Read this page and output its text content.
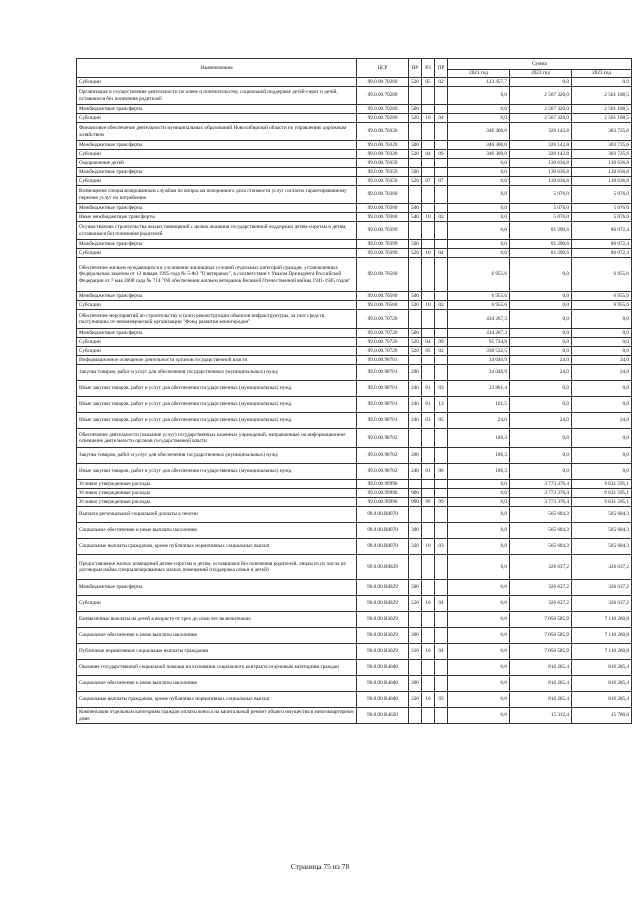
Наименование	ЦСР	ВР	РЗ	ПР	Сумма		
					2021 год	2022 год	2023 год
Субсидии	99.0.00.70260	520	05	02	123 457,7	0,0	0,0
Организация и осуществление деятельности по опеке и попечительству, социальной поддержке детей-сирот и детей, оставшихся без попечения родителей	99.0.00.70289				0,0	2 567 320,0	2 561 188,5
Межбюджетные трансферты	99.0.00.70289	500			0,0	2 567 320,0	2 561 188,5
Субсидии	99.0.00.70289	520	10	04	0,0	2 567 320,0	2 561 188,5
Финансовое обеспечение деятельности муниципальных образований Новосибирской области по управлению дорожным хозяйством	99.0.00.70320				346 300,0	326 142,8	303 725,6
Межбюджетные трансферты	99.0.00.70320	500			346 300,0	326 142,8	303 725,6
Субсидии	99.0.00.70320	520	04	09	346 300,0	326 142,8	303 725,6
Оздоровление детей	99.0.00.70359				0,0	130 636,8	130 636,8
Межбюджетные трансферты	99.0.00.70359	500			0,0	130 636,8	130 636,8
Субсидии	99.0.00.70359	520	07	07	0,0	130 636,8	130 636,8
Возмещение специализированным службам по вопросам похоронного дела стоимости услуг согласно гарантированному перечню услуг по погребению	99.0.00.70360				0,0	5 076,0	5 076,0
Межбюджетные трансферты	99.0.00.70360	500			0,0	5 076,0	5 076,0
Иные межбюджетные трансферты	99.0.00.70360	540	10	03	0,0	5 076,0	5 076,0
Осуществление строительства жилых помещений с целью оказания государственной поддержки детям-сиротам и детям, оставшимся без попечения родителей	99.0.00.70399				0,0	81 290,6	86 072,4
Межбюджетные трансферты	99.0.00.70399	500			0,0	81 290,6	86 072,4
Субсидии	99.0.00.70399	520	10	04	0,0	81 290,6	86 072,4
Обеспечение жильем нуждающихся в улучшении жилищных условий отдельных категорий граждан, установленных Федеральным законом от 12 января 1995 года № 5-ФЗ "О ветеранах", в соответствии с Указом Президента Российской Федерации от 7 мая 2008 года № 714 "Об обеспечении жильем ветеранов Великой Отечественной войны 1941-1945 годов"	99.0.00.70560				6 955,6	0,0	6 955,6
Межбюджетные трансферты	99.0.00.70560	500			6 955,6	0,0	6 955,6
Субсидии	99.0.00.70560	520	10	03	6 955,6	0,0	6 955,6
Обеспечение мероприятий по строительству и (или) реконструкции объектов инфраструктуры, за счет средств, поступивших от некоммерческой организации "Фонд развития моногородов"	99.0.00.70720				434 267,3	0,0	0,0
Межбюджетные трансферты	99.0.00.70720	500			434 267,3	0,0	0,0
Субсидии	99.0.00.70720	520	04	09	95 734,8	0,0	0,0
Субсидии	99.0.00.70720	520	05	02	338 532,5	0,0	0,0
Информационное освещение деятельности органов государственной власти	99.0.00.98701				34 046,9	24,0	24,0
Закупка товаров, работ и услуг для обеспечения государственных (муниципальных) нужд	99.0.00.98701	200			34 046,9	24,0	24,0
Иные закупки товаров, работ и услуг для обеспечения государственных (муниципальных) нужд	99.0.00.98701	240	01	03	33 861,4	0,0	0,0
Иные закупки товаров, работ и услуг для обеспечения государственных (муниципальных) нужд	99.0.00.98701	240	01	13	161,5	0,0	0,0
Иные закупки товаров, работ и услуг для обеспечения государственных (муниципальных) нужд	99.0.00.98701	240	03	05	24,0	24,0	24,0
Обеспечение деятельности (оказание услуг) государственных казенных учреждений, направленные на информационное освещение деятельности органов государственной власти	99.0.00.98702				186,3	0,0	0,0
Закупка товаров, работ и услуг для обеспечения государственных (муниципальных) нужд	99.0.00.98702	200			186,3	0,0	0,0
Иные закупки товаров, работ и услуг для обеспечения государственных (муниципальных) нужд	99.0.00.98702	240	01	06	186,3	0,0	0,0
Условно утвержденные расходы	99.0.00.99990				0,0	3 773 376,4	9 631 595,1
Условно утвержденные расходы	99.0.00.99990	900			0,0	3 773 376,4	9 631 595,1
Условно утвержденные расходы	99.0.00.99990	990	99	99	0,0	3 773 376,4	9 631 595,1
Выплата региональной социальной доплаты к пенсии	99.0.00.R0070				0,0	565 684,3	565 684,3
Социальное обеспечение и иные выплаты населению	99.0.00.R0070	300			0,0	565 684,3	565 684,3
Социальные выплаты гражданам, кроме публичных нормативных социальных выплат	99.0.00.R0070	320	10	03	0,0	565 684,3	565 684,3
Предоставление жилых помещений детям-сиротам и детям, оставшимся без попечения родителей, лицам из их числа по договорам найма специализированных жилых помещений (поддержка семьи и детей)	99.0.00.R0829				0,0	326 637,2	326 637,2
Межбюджетные трансферты	99.0.00.R0829	500			0,0	326 637,2	326 637,2
Субсидии	99.0.00.R0829	520	10	04	0,0	326 637,2	326 637,2
Ежемесячные выплаты на детей в возрасте от трех до семи лет включительно	99.0.00.R3029				0,0	7 050 585,9	7 116 260,8
Социальное обеспечение и иные выплаты населению	99.0.00.R3029	300			0,0	7 050 585,9	7 116 260,8
Публичные нормативные социальные выплаты гражданам	99.0.00.R3029	310	10	04	0,0	7 050 585,9	7 116 260,8
Оказание государственной социальной помощи на основании социального контракта отдельным категориям граждан	99.0.00.R4040				0,0	816 285,4	816 285,4
Социальное обеспечение и иные выплаты населению	99.0.00.R4040	300			0,0	816 285,4	816 285,4
Социальные выплаты гражданам, кроме публичных нормативных социальных выплат	99.0.00.R4040	320	10	03	0,0	816 285,4	816 285,4
Компенсация отдельным категориям граждан оплаты взноса на капитальный ремонт общего имущества в многоквартирном доме	99.0.00.R4620				0,0	15 312,4	15 780,6
Страница 75 из 78
